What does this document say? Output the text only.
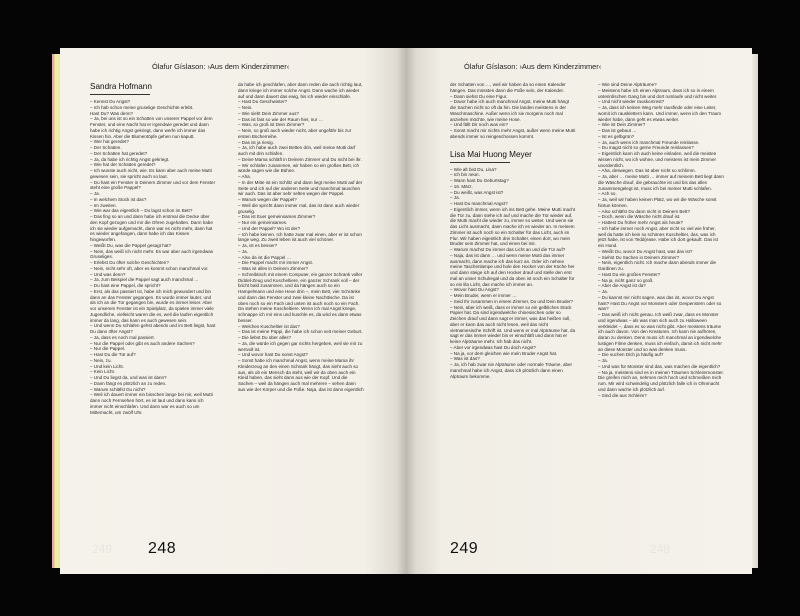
Ólafur Gíslason: ›Aus dem Kinderzimmer‹
Sandra Hofmann

– Kennst Du Angst?
– Ich hab schon meine gruselige Geschichte erlebt.
Hast Du? Was denn?
– Ja, bei uns ist so ein Schatten von unserer Pappel vor dem Fenster, und eine Nacht hat er irgendwie geredet und dann habe ich richtig Angst gekriegt, dann werfe ich immer das Kissen hin. Aber die Blumentöpfe gehen nun kaputt.
– Wer hat geredet?
– Der Schatten.
– Der Schatten hat geredet?
– Ja, da habe ich richtig Angst gekriegt.
– Wie hat der Schatten geredet?
– Ich wusste auch nicht, wie. Es kann aber auch meine Mutti gewesen sein, sie spricht auch so laut.
– Du hast ein Fenster in Deinem Zimmer und vor dem Fenster steht eine große Pappel?
– Ja.
– In welchem Stock ist das?
– Im zweiten.
– Wie war das eigentlich – Du lagst schon im Bett?
– Das fing so an und dann habe ich erstmal die Decke über den Kopf gezogen und mir die Ohren zugehalten. Dann habe ich sie wieder aufgemacht, dann war es nicht mehr, dann hat es wieder angefangen, dann habe ich das Kissen hingeworfen.
– Weißt Du, was die Pappel gesagt hat?
– Nein, das weiß ich nicht mehr. Es war aber auch irgendwas Gruseliges.
– Erlebst Du öfter solche Geschichten?
– Nein, nicht sehr oft, aber es kommt schon manchmal vor.
– Und was denn?
– Ja, zum Beispiel die Pappel sagt auch manchmal …
– Du hast eine Pappel, die spricht?
– Erst, als das passiert ist, habe ich mich gewundert und bin dann an das Fenster gegangen. Es wurde immer lauter, und als ich an die Tür gegangen bin, wurde es immer leiser. Aber vor unserem Fenster ist ein Spielplatz, da spielen immer viele Jugendliche, vielleicht waren die es, weil die laufen eigentlich immer da lang, das kann es auch gewesen sein.
– Und wenn Du schlafen gehst abends und im Bett liegst, hast Du dann öfter Angst?
– Ja, dass es noch mal passiert.
– Nur die Pappel oder gibt es auch andere Sachen?
– Nur die Pappel.
– Hast Du die Tür auf?
– Nein, zu.
– Und kein Licht.
– Kein Licht.
– Und Du liegst da, und was ist dann?
– Dann fängt es plötzlich an zu reden.
– Warum schläfst Du nicht?
– Weil ich dauert immer ein bisschen lange bei mir, weil Mutti dann noch Fernsehen hört, es ist laut und dann kann ich immer nicht einschlafen. Und dann war es auch so um Mitternacht, um zwölf Uhr.

da habe ich geschlafen, aber dann reden die auch richtig laut, dann kriege ich immer solche Angst. Dann wache ich wieder auf und dann dauert das ewig, bis ich wieder einschlafe.
– Hast Du Geschwister?
– Nein.
– Wie sieht Dein Zimmer aus?
– Das ist fast so wie der Raum hier, nur …
– Was, so groß ist Dein Zimmer?
– Nein, so groß auch wieder nicht, aber ungefähr bis zur ersten Bücherreihe.
– Das ist ja riesig.
– Ja, ich habe auch zwei Betten drin, weil meine Mutti darf auch mit drin schlafen.
– Deine Mama schläft in Deinem Zimmer und Du nicht bei ihr.
– Wir schlafen zusammen, wir haben so ein großes Bett, ich würde sagen wie die Bühne.
– Aha.
– In der Mitte ist ein Schlitz und dann liegt meine Mutti auf der Seite und ich auf der anderen Seite und manchmal tauschen wir auch. Das ist aber sehr selten wegen der Pappel.
– Warum wegen der Pappel?
– Weil die spricht dann immer mal, das ist dann auch wieder gruselig.
– Das ist Euer gemeinsames Zimmer?
– Nur ein gemeinsames.
– Und der Pappel? Wo ist der?
– Ich habe keinen. Ich hatte zwar mal einen, aber er ist schon lange weg. Zu zweit leben ist auch viel schöner.
– Ja, ist es besser?
– Ja.
– Also da ist die Pappel …
– Die Pappel macht mir immer Angst.
– Was ist alles in Deinem Zimmer?
– Schreibtisch mit einem Computer, ein ganzer Schrank voller Diddel-Zeug und Kuscheltiere, ein ganzer Schrank voll – der bricht bald zusammen, und da hängen auch so ein Hampelmann und eine Hexe drin –, mein Bett, vier Schränke und dann das Fenster und zwei kleine Nachttische. Da ist oben noch so ein Fach und unten ist auch noch so ein Fach. Da stehen meine Kuscheltiere. Wenn ich mal Angst kriege, schnappe ich mir eins und kuschle es, da wird es dann etwas besser.
– Welches Kuscheltier ist das?
– Das ist meine Püppi, die habe ich schon seit meiner Geburt.
– Die liebst Du über alles?
– Ja, die würde ich gegen gar nichts hergeben, weil sie mir zu wertvoll ist.
– Und wovor hast Du sonst Angst?
– Sonst habe ich manchmal Angst, wenn meine Mama ihr Kleiderzeug an den einen Schrank hängt, das sieht auch so aus, als ob ein Mensch da steht, weil wir da oben auch ein Kleid haben, das sieht dann aus wie der Kopf. Und die Sachen – weil da hängen auch mal mehrere – sehen dann aus wie der Körper und die Füße. Naja, das ist dann eigentlich

249 248
Ólafur Gíslason: ›Aus dem Kinderzimmer‹

der Schatten von …, weil wir haben da so einen Kalender hängen. Das müssten dann die Füße sein, der Kalender.
– Dann siehst Du eine Figur.
– Davor habe ich auch manchmal Angst, meine Mutti hängt die Sachen nicht so oft da hin. Die landen meistens in der Waschmaschine. Außer wenn ich sie morgens noch mal anziehen möchte, wie meine Hose.
– Und fällt Dir noch was ein?
– Sonst macht mir nichts mehr Angst, außer wenn meine Mutti abends immer so reingeschossen kommt.

Lisa Mai Huong Meyer

– Wie alt bist Du, Lisa?
– Ich bin neun.
– Wann hast Du Geburtstag?
– 16. März.
– Du weißt, was Angst ist?
– Ja.
– Hast Du manchmal Angst?
– Eigentlich immer, wenn ich ins Bett gehe. Meine Mutti macht die Tür zu, dann stehe ich auf und mache die Tür wieder auf, die Mutti macht die wieder zu, immer so weiter. Und wenn sie das Licht ausmacht, dann mache ich es wieder an. In meinem Zimmer ist auch noch so ein Schalter für das Licht, auch im Flur. Wir haben eigentlich drei Schalter, einen dort, wo mein Bruder sein Zimmer hat, und einen bei mir.
– Warum machst Du immer das Licht an und die Tür auf?
– Naja, das ist dann … und wenn meine Mutti das immer ausmacht, dann mache ich das kurz an. Oder ich nehme meine Taschenlampe und hole den Hocker von der Küche her und dann steige ich auf den Hocker drauf und stelle den erst mal an unser Schulregal und da oben ist noch ein Schalter für so ein lila Licht, das mache ich immer an.
– Wovor hast Du Angst?
– Mein Bruder, wenn er immer …
– Seid Ihr zusammen in einem Zimmer, Du und Dein Bruder?
– Nein, aber ich weiß, dass er immer so ein gelbliches Stück Papier hat. Da sind irgendwelche chinesischen oder so Zeichen drauf und dann sagt er immer, was das heißen soll, aber er kann das auch nicht lesen, weil das nicht vietnamesische Schrift ist. Und wenn er mal Alpträume hat, da sagt er das immer wieder bis er einschläft und dann hat er keine Alpträume mehr. Ich hab das nicht.
– Aber vor irgendwas hast Du doch Angst?
– Na ja, vor dem gleichen wie mein Bruder Angst hat.
– Was ist das?
– Ja, ich hab zwar nie Alpträume oder normale Träume, aber manchmal habe ich Angst, dass ich plötzlich dann einen Alptraum bekomme.

– Wie sind Deine Alpträume?
– Meistens habe ich einen Alptraum, dass ich so in einem unterirdischen Gang bin und dort rumlaufe und nicht weiter.
– Und nicht wieder rauskommst?
– Ja, dass ich keinen Weg mehr rausfinde oder eine Leiter, womit ich rausklettern kann. Und immer, wenn ich den Traum wieder habe, dann geht es etwas weiter.
– Wie ist Dein Zimmer?
– Das ist gebaut …
– Ist es gelbgrün?
– Ja, auch wenn ich manchmal Freunde reinlasse.
– Du magst nicht so gerne Freunde reinlassen?
– Eigentlich kann ich auch keine einladen, weil die meisten wissen nicht, wo ich wohne, und meistens ist mein Zimmer unordentlich.
– Aha, deswegen. Das ist aber nicht so schlimm.
– Ja, aber … meine Mutti … immer auf meinem Bett liegt dann die Wäsche drauf, die gebrauchte ist und bis das alles zusammengelegt ist, muss ich bei meiner Mutti schlafen.
– Ach so.
– Ja, weil wir haben keinen Platz, wo wir die Wäsche sonst hintun können.
– Also schläfst Du dann nicht in Deinem Bett?
– Doch, wenn die Wäsche nicht drauf ist.
– Hattest Du früher mehr Angst als heute?
– Ich habe immer noch Angst, aber nicht so viel wie früher, weil da hatte ich kein so schönes Kuscheltier, das, was ich jetzt habe, ist von Tedd(ease. Habe ich dort gekauft. Das ist ein Hund.
– Weißt Du, wovor Du Angst hast, was das ist?
– Siehst Du Sachen in Deinem Zimmer?
– Nein, eigentlich nicht. Ich mache dann abends immer die Gardinen zu.
– Hast Du ein großes Fenster?
– Na ja, nicht ganz so groß.
– Aber die Angst ist da?
– Ja.
– Du kannst mir nicht sagen, was das ist, wovor Du Angst hast? Hast Du Angst vor Monstern oder Gespenstern oder so was?
– Das weiß ich nicht genau. Ich weiß zwar, dass es Monster und irgendwas – als was man sich auch zu Halloween verkleidet –, dass es so was nicht gibt. Aber meistens träume ich auch davon. Von den Kreaturen. Ich kann nie aufhören, daran zu denken. Denn muss ich manchmal an irgendwelche lustigen Filme denken, muss ich einfach, damit ich nicht mehr an diese Monster und so was denken muss.
– Die suchen Dich ja häufig auf?
– Ja.
– Und was für Monster sind das, was machen die eigentlich?
– Na ja, meistens sind es in meinen Träumen Schleimmonster. Die greifen mich an, nehmen mich hoch und schmeißen mich rum. Mir wird schwindelig und plötzlich falle ich in Ohnmacht und dann wache ich plötzlich auf.
– Sind die aus Schleim?

249	248
